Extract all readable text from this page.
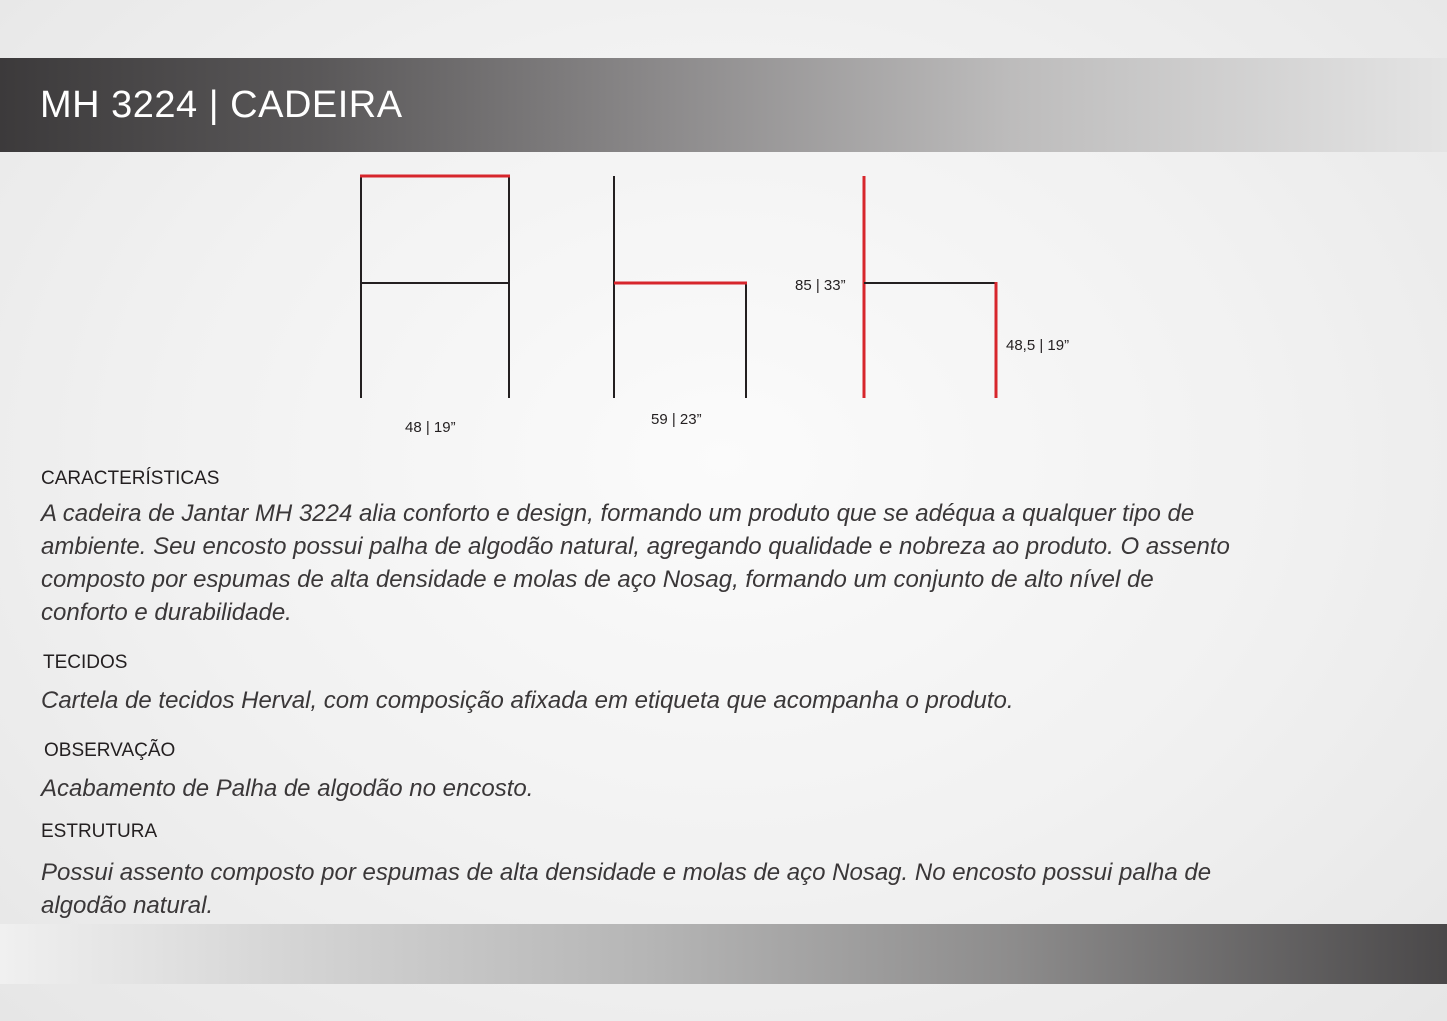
MH 3224 | CADEIRA
48 | 19”	59 | 23”
85 | 33”
48,5 | 19”
CARACTERÍSTICAS

A cadeira de Jantar MH 3224 alia conforto e design, formando um produto que se adéqua a qualquer tipo de ambiente. Seu encosto possui palha de algodão natural, agregando qualidade e nobreza ao produto. O assento composto por espumas de alta densidade e molas de aço Nosag, formando um conjunto de alto nível de conforto e durabilidade.

TECIDOS

Cartela de tecidos Herval, com composição afixada em etiqueta que acompanha o produto.

OBSERVAÇÃO

Acabamento de Palha de algodão no encosto.

ESTRUTURA

Possui assento composto por espumas de alta densidade e molas de aço Nosag. No encosto possui palha de algodão natural.
